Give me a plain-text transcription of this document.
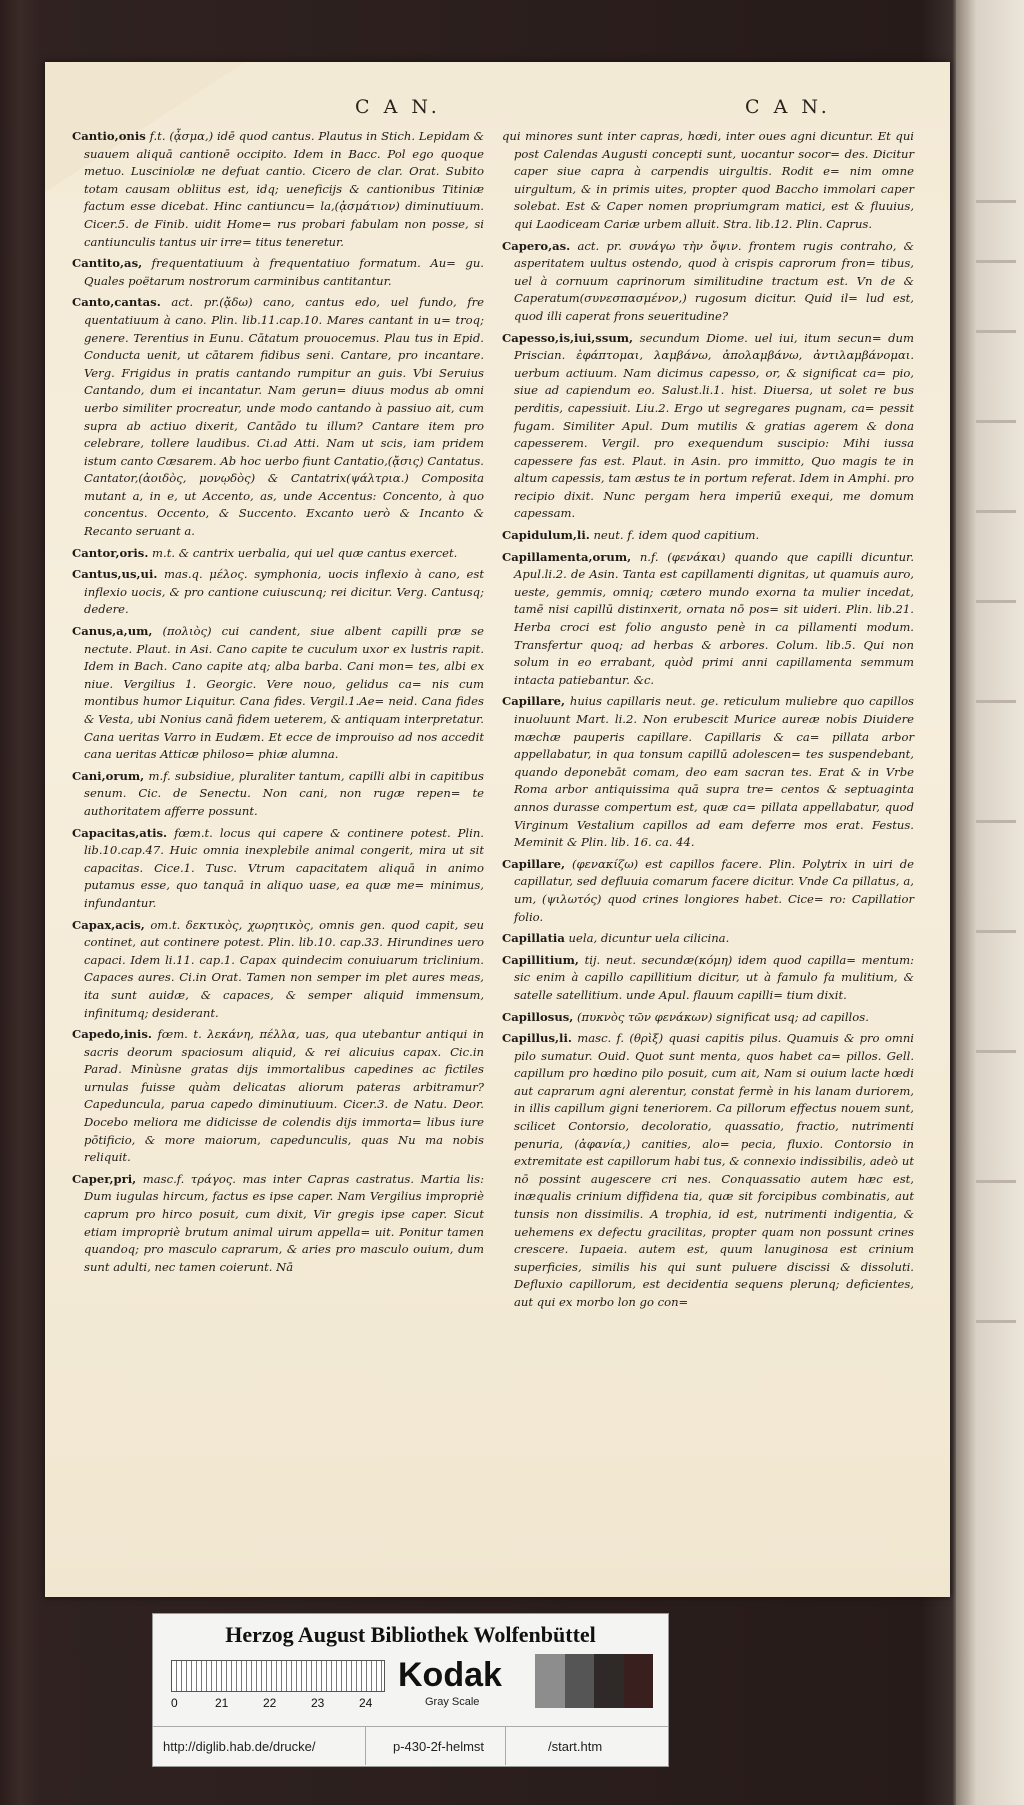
C A N.	C A N.

Cantio,onis f.t. (ᾆσμα,) idē quod cantus. Plautus in Stich. Lepidam & suauem aliquā cantionē occipito. Idem in Bacc. Pol ego quoque metuo. Lusciniolæ ne defuat cantio. Cicero de clar. Orat. Subito totam causam obliitus est, idq; ueneficijs & cantionibus Titiniæ factum esse dicebat. Hinc cantiuncu= la,(ᾀσμάτιον) diminutiuum. Cicer.5. de Finib. uidit Home= rus probari fabulam non posse, si cantiunculis tantus uir irre= titus teneretur.

Cantito,as, frequentatiuum à frequentatiuo formatum. Au= gu. Quales poëtarum nostrorum carminibus cantitantur.

Canto,cantas. act. pr.(ᾄδω) cano, cantus edo, uel fundo, fre quentatiuum à cano. Plin. lib.11.cap.10. Mares cantant in u= troq; genere. Terentius in Eunu. Cātatum prouocemus. Plau tus in Epid. Conducta uenit, ut cātarem fidibus seni. Cantare, pro incantare. Verg. Frigidus in pratis cantando rumpitur an guis. Vbi Seruius Cantando, dum ei incantatur. Nam gerun= diuus modus ab omni uerbo similiter procreatur, unde modo cantando à passiuo ait, cum supra ab actiuo dixerit, Cantādo tu illum? Cantare item pro celebrare, tollere laudibus. Ci.ad Atti. Nam ut scis, iam pridem istum canto Cæsarem. Ab hoc uerbo fiunt Cantatio,(ᾄσις) Cantatus. Cantator,(ἀοιδὸς, μονῳδὸς) & Cantatrix(ψάλτρια.) Composita mutant a, in e, ut Accento, as, unde Accentus: Concento, à quo concentus. Occento, & Succento. Excanto uerò & Incanto & Recanto seruant a.

Cantor,oris. m.t. & cantrix uerbalia, qui uel quæ cantus exercet.

Cantus,us,ui. mas.q. μέλος. symphonia, uocis inflexio à cano, est inflexio uocis, & pro cantione cuiuscunq; rei dicitur. Verg. Cantusq; dedere.

Canus,a,um, (πολιὸς) cui candent, siue albent capilli præ se nectute. Plaut. in Asi. Cano capite te cuculum uxor ex lustris rapit. Idem in Bach. Cano capite atq; alba barba. Cani mon= tes, albi ex niue. Vergilius 1. Georgic. Vere nouo, gelidus ca= nis cum montibus humor Liquitur. Cana fides. Vergil.1.Ae= neid. Cana fides & Vesta, ubi Nonius canā fidem ueterem, & antiquam interpretatur. Cana ueritas Varro in Eudæm. Et ecce de improuiso ad nos accedit cana ueritas Atticæ philoso= phiæ alumna.

Cani,orum, m.f. subsidiue, pluraliter tantum, capilli albi in capitibus senum. Cic. de Senectu. Non cani, non rugæ repen= te authoritatem afferre possunt.

Capacitas,atis. fœm.t. locus qui capere & continere potest. Plin. lib.10.cap.47. Huic omnia inexplebile animal congerit, mira ut sit capacitas. Cice.1. Tusc. Vtrum capacitatem aliquā in animo putamus esse, quo tanquā in aliquo uase, ea quæ me= minimus, infundantur.

Capax,acis, om.t. δεκτικὸς, χωρητικὸς, omnis gen. quod capit, seu continet, aut continere potest. Plin. lib.10. cap.33. Hirundines uero capaci. Idem li.11. cap.1. Capax quindecim conuiuarum triclinium. Capaces aures. Ci.in Orat. Tamen non semper im plet aures meas, ita sunt auidæ, & capaces, & semper aliquid immensum, infinitumq; desiderant.

Capedo,inis. fœm. t. λεκάνη, πέλλα, uas, qua utebantur antiqui in sacris deorum spaciosum aliquid, & rei alicuius capax. Cic.in Parad. Minùsne gratas dijs immortalibus capedines ac fictiles urnulas fuisse quàm delicatas aliorum pateras arbitramur? Capeduncula, parua capedo diminutiuum. Cicer.3. de Natu. Deor. Docebo meliora me didicisse de colendis dijs immorta= libus iure pōtificio, & more maiorum, capedunculis, quas Nu ma nobis reliquit.

Caper,pri, masc.f. τράγος. mas inter Capras castratus. Martia lis: Dum iugulas hircum, factus es ipse caper. Nam Vergilius impropriè caprum pro hirco posuit, cum dixit, Vir gregis ipse caper. Sicut etiam impropriè brutum animal uirum appella= uit. Ponitur tamen quandoq; pro masculo caprarum, & aries pro masculo ouium, dum sunt adulti, nec tamen coierunt. Nā

qui minores sunt inter capras, hœdi, inter oues agni dicuntur. Et qui post Calendas Augusti concepti sunt, uocantur socor= des. Dicitur caper siue capra à carpendis uirgultis. Rodit e= nim omne uirgultum, & in primis uites, propter quod Baccho immolari caper solebat. Est & Caper nomen propriumgram matici, est & fluuius, qui Laodiceam Cariæ urbem alluit. Stra. lib.12. Plin. Caprus.

Capero,as. act. pr. συνάγω τὴν ὄψιν. frontem rugis contraho, & asperitatem uultus ostendo, quod à crispis caprorum fron= tibus, uel à cornuum caprinorum similitudine tractum est. Vn de & Caperatum(συνεσπασμένον,) rugosum dicitur. Quid il= lud est, quod illi caperat frons seueritudine?

Capesso,is,iui,ssum, secundum Diome. uel iui, itum secun= dum Priscian. ἐφάπτομαι, λαμβάνω, ἀπολαμβάνω, ἀντιλαμβάνομαι. uerbum actiuum. Nam dicimus capesso, or, & significat ca= pio, siue ad capiendum eo. Salust.li.1. hist. Diuersa, ut solet re bus perditis, capessiuit. Liu.2. Ergo ut segregares pugnam, ca= pessit fugam. Similiter Apul. Dum mutilis & gratias agerem & dona capesserem. Vergil. pro exequendum suscipio: Mihi iussa capessere fas est. Plaut. in Asin. pro immitto, Quo magis te in altum capessis, tam æstus te in portum referat. Idem in Amphi. pro recipio dixit. Nunc pergam hera imperiū exequi, me domum capessam.

Capidulum,li. neut. f. idem quod capitium.

Capillamenta,orum, n.f. (φενάκαι) quando que capilli dicuntur. Apul.li.2. de Asin. Tanta est capillamenti dignitas, ut quamuis auro, ueste, gemmis, omniq; cætero mundo exorna ta mulier incedat, tamē nisi capillū distinxerit, ornata nō pos= sit uideri. Plin. lib.21. Herba croci est folio angusto penè in ca pillamenti modum. Transfertur quoq; ad herbas & arbores. Colum. lib.5. Qui non solum in eo errabant, quòd primi anni capillamenta semmum intacta patiebantur. &c.

Capillare, huius capillaris neut. ge. reticulum muliebre quo capillos inuoluunt Mart. li.2. Non erubescit Murice aureæ nobis Diuidere mæchæ pauperis capillare. Capillaris & ca= pillata arbor appellabatur, in qua tonsum capillū adolescen= tes suspendebant, quando deponebāt comam, deo eam sacran tes. Erat & in Vrbe Roma arbor antiquissima quā supra tre= centos & septuaginta annos durasse compertum est, quæ ca= pillata appellabatur, quod Virginum Vestalium capillos ad eam deferre mos erat. Festus. Meminit & Plin. lib. 16. ca. 44.

Capillare, (φενακίζω) est capillos facere. Plin. Polytrix in uiri de capillatur, sed defluuia comarum facere dicitur. Vnde Ca pillatus, a, um, (ψιλωτός) quod crines longiores habet. Cice= ro: Capillatior folio.

Capillatia uela, dicuntur uela cilicina.

Capillitium, tij. neut. secundæ(κόμη) idem quod capilla= mentum: sic enim à capillo capillitium dicitur, ut à famulo fa mulitium, & satelle satellitium. unde Apul. flauum capilli= tium dixit.

Capillosus, (πυκνὸς τῶν φενάκων) significat usq; ad capillos.

Capillus,li. masc. f. (θρὶξ) quasi capitis pilus. Quamuis & pro omni pilo sumatur. Ouid. Quot sunt menta, quos habet ca= pillos. Gell. capillum pro hœdino pilo posuit, cum ait, Nam si ouium lacte hœdi aut caprarum agni alerentur, constat fermè in his lanam duriorem, in illis capillum gigni teneriorem. Ca pillorum effectus nouem sunt, scilicet Contorsio, decoloratio, quassatio, fractio, nutrimenti penuria, (ἀφανία,) canities, alo= pecia, fluxio. Contorsio in extremitate est capillorum habi tus, & connexio indissibilis, adeò ut nō possint augescere cri nes. Conquassatio autem hæc est, inæqualis crinium diffidena tia, quæ sit forcipibus combinatis, aut tunsis non dissimilis. A trophia, id est, nutrimenti indigentia, & uehemens ex defectu gracilitas, propter quam non possunt crines crescere. Iupaeia. autem est, quum lanuginosa est crinium superficies, similis his qui sunt puluere discissi & dissoluti. Defluxio capillorum, est decidentia sequens plerunq; deficientes, aut qui ex morbo lon go con=

Herzog August Bibliothek Wolfenbüttel
0	21	22	23	24
Kodak
Gray Scale
http://diglib.hab.de/drucke/	p-430-2f-helmst	/start.htm
